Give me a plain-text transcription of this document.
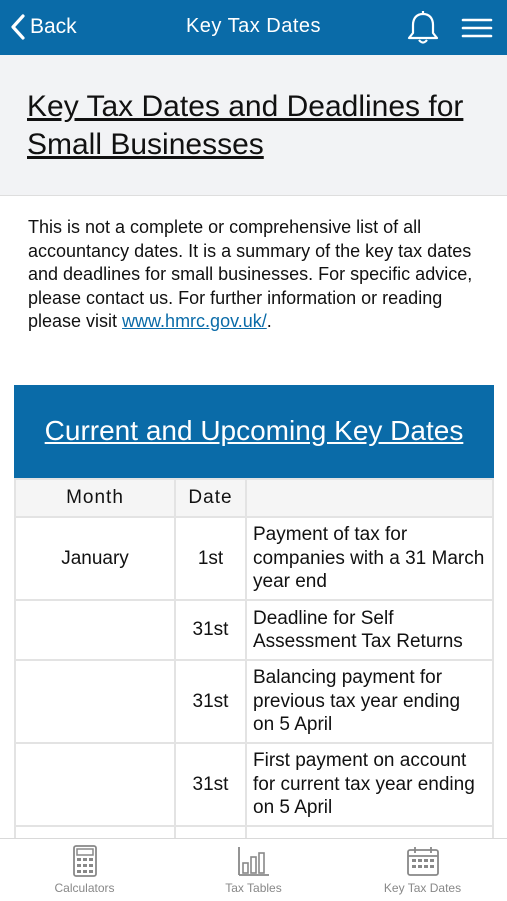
Back	Key Tax Dates
Key Tax Dates and Deadlines for Small Businesses
This is not a complete or comprehensive list of all accountancy dates. It is a summary of the key tax dates and deadlines for small businesses. For specific advice, please contact us. For further information or reading please visit www.hmrc.gov.uk/.
Current and Upcoming Key Dates
Month	Date	
January	1st	Payment of tax for companies with a 31 March year end
	31st	Deadline for Self Assessment Tax Returns
	31st	Balancing payment for previous tax year ending on 5 April
	31st	First payment on account for current tax year ending on 5 April

Calculators	Tax Tables	Key Tax Dates
